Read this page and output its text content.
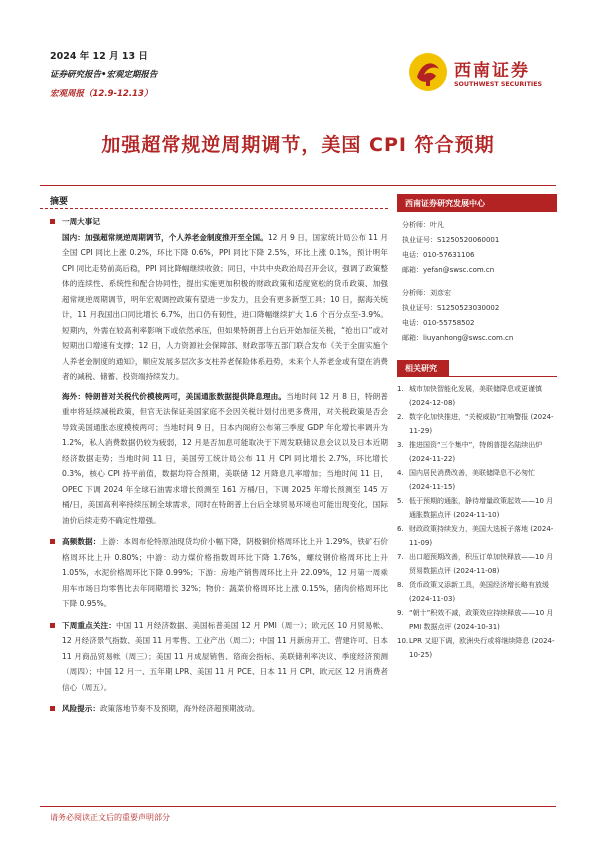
2024 年 12 月 13 日
证券研究报告•宏观定期报告
宏观周报（12.9-12.13）
西南证券
SOUTHWEST SECURITIES
加强超常规逆周期调节，美国 CPI 符合预期
摘要
一周大事记
国内：加强超常规逆周期调节，个人养老金制度推开至全国。12 月 9 日，国家统计局公布 11 月全国 CPI 同比上涨 0.2%，环比下降 0.6%，PPI 同比下降 2.5%，环比上涨 0.1%，预计明年 CPI 同比走势前高后稳，PPI 同比降幅继续收敛；同日，中共中央政治局召开会议，强调了政策整体的连续性、系统性和配合协同性，提出实施更加积极的财政政策和适度宽松的货币政策、加强超常规逆周期调节，明年宏观调控政策有望进一步发力，且会有更多新型工具；10 日，据海关统计，11 月我国出口同比增长 6.7%，出口仍有韧性，进口降幅继续扩大 1.6 个百分点至-3.9%。短期内，外需在较高利率影响下或依然承压，但如果特朗普上台后开始加征关税，“抢出口”或对短期出口增速有支撑；12 日，人力资源社会保障部、财政部等五部门联合发布《关于全面实施个人养老金制度的通知》，顺应发展多层次多支柱养老保险体系趋势，未来个人养老金或有望在消费者的减税、储蓄、投资端持续发力。
海外：特朗普对关税代价模棱两可，美国通胀数据提供降息理由。当地时间 12 月 8 日，特朗普重申将延续减税政策，但官无法保证美国家庭不会因关税计划付出更多费用，对关税政策是否会导致美国通胀态度模棱两可；当地时间 9 日，日本内阁府公布第三季度 GDP 年化增长率调升为 1.2%，私人消费数据仍较为疲弱，12 月是否加息可能取决于下周发联储议息会议以及日本近期经济数据走势；当地时间 11 日，美国劳工统计局公布 11 月 CPI 同比增长 2.7%，环比增长 0.3%，核心 CPI 持平前值，数据均符合预期，美联储 12 月降息几率增加；当地时间 11 日，OPEC 下调 2024 年全球石油需求增长预测至 161 万桶/日，下调 2025 年增长预测至 145 万桶/日，美国高利率持续压制全球需求，同时在特朗普上台后全球贸易环境也可能出现变化，国际油价后续走势不确定性增强。
高频数据：上游：本周布伦特原油现货均价小幅下降，阴极铜价格周环比上升 1.29%，铁矿石价格周环比上升 0.80%；中游：动力煤价格指数周环比下降 1.76%，螺纹钢价格周环比上升 1.05%，水泥价格周环比下降 0.99%；下游：房地产销售周环比上升 22.09%，12 月第一周乘用车市场日均零售比去年同期增长 32%；物价：蔬菜价格周环比上涨 0.15%，猪肉价格周环比下降 0.95%。
下周重点关注：中国 11 月经济数据、美国标普美国 12 月 PMI（周一）；欧元区 10 月贸易帐、12 月经济景气指数、美国 11 月零售、工业产出（周二）；中国 11 月新房开工、营建许可、日本 11 月商品贸易帐（周三）；美国 11 月成屋销售、谘商会指标、美联储利率决议、季度经济预测（周四）；中国 12 月一、五年期 LPR、美国 11 月 PCE、日本 11 月 CPI、欧元区 12 月消费者信心（周五）。
风险提示：政策落地节奏不及预期，海外经济超预期波动。
西南证券研究发展中心
分析师：叶凡
执业证号：S1250520060001
电话：010-57631106
邮箱：yefan@swsc.com.cn
分析师：刘彦宏
执业证号：S1250523030002
电话：010-55758502
邮箱：liuyanhong@swsc.com.cn
相关研究
1. 城市加快智能化发展，美联储降息或更谨慎 (2024-12-08)
2. 数字化加快推进，“关税威胁”扛响警报 (2024-11-29)
3. 推进国资“三个集中”，特朗普提名陆续出炉 (2024-11-22)
4. 国内居民消费改善，美联储降息不必匆忙 (2024-11-15)
5. 低于预期的通胀，静待增量政策起效——10 月通胀数据点评 (2024-11-10)
6. 财政政策持续发力，美国大选板子落地 (2024-11-09)
7. 出口超预期改善，积压订单加快释放——10 月贸易数据点评 (2024-11-08)
8. 货币政策又添新工具，美国经济增长略有放缓 (2024-11-03)
9. “朝十”积效不减，政策效应持续释放——10 月 PMI 数据点评 (2024-10-31)
10. LPR 又迎下调，欧洲央行或将继续降息 (2024-10-25)
请务必阅读正文后的重要声明部分
